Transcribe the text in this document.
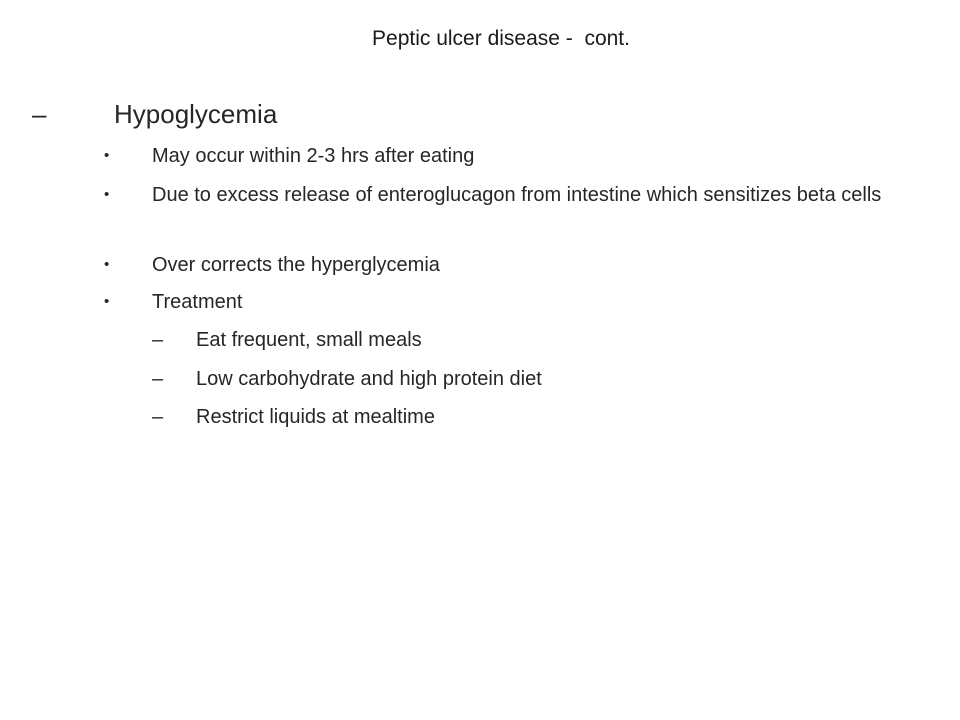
Peptic ulcer disease -  cont.
–	Hypoglycemia
•	May occur within 2-3 hrs after eating
•	Due to excess release of enteroglucagon from intestine which sensitizes beta cells
•	Over corrects the hyperglycemia
•	Treatment
–	Eat frequent, small meals
–	Low carbohydrate and high protein diet
–	Restrict liquids at mealtime
